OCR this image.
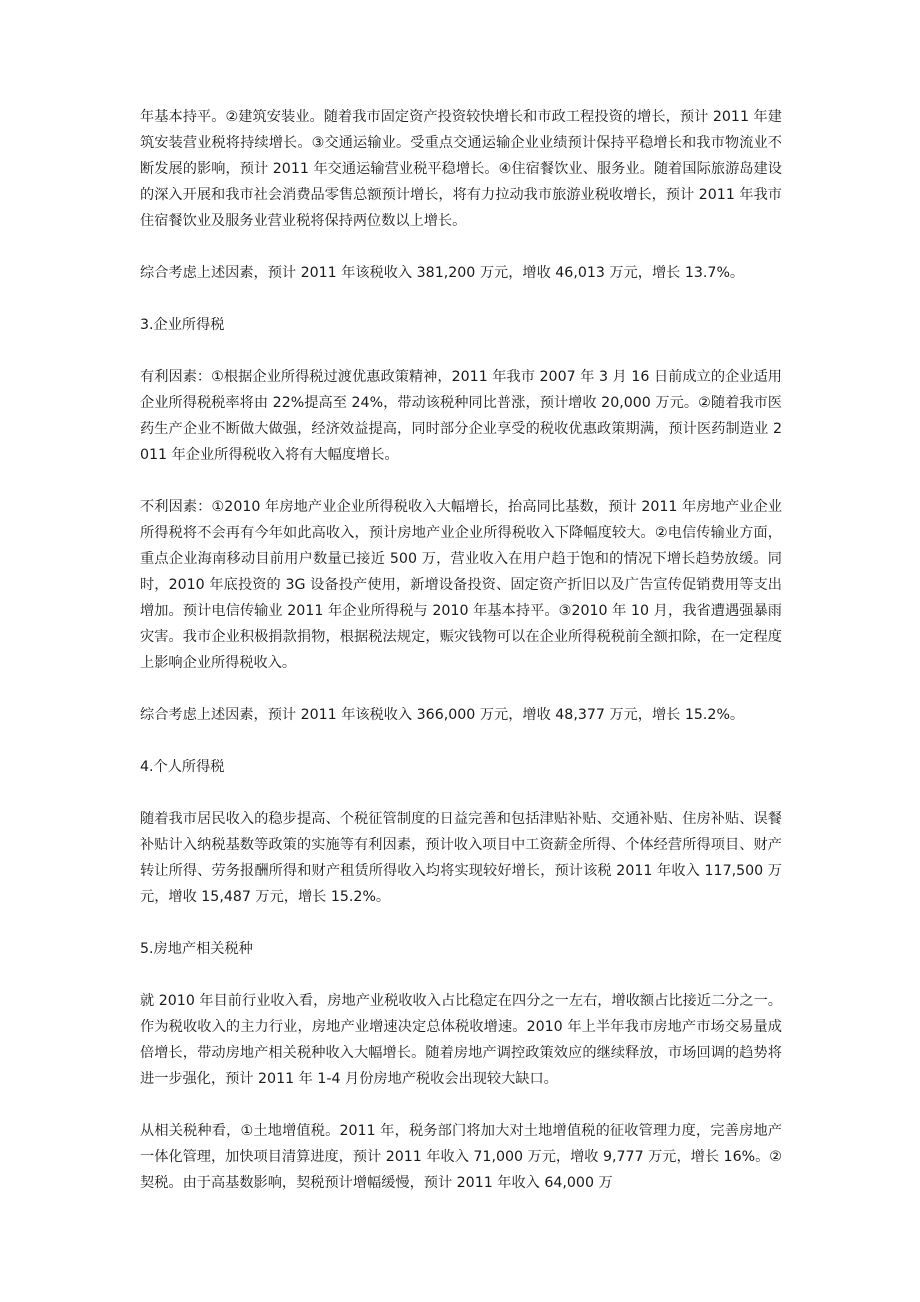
年基本持平。②建筑安装业。随着我市固定资产投资较快增长和市政工程投资的增长，预计 2011 年建筑安装营业税将持续增长。③交通运输业。受重点交通运输企业业绩预计保持平稳增长和我市物流业不断发展的影响，预计 2011 年交通运输营业税平稳增长。④住宿餐饮业、服务业。随着国际旅游岛建设的深入开展和我市社会消费品零售总额预计增长，将有力拉动我市旅游业税收增长，预计 2011 年我市住宿餐饮业及服务业营业税将保持两位数以上增长。

综合考虑上述因素，预计 2011 年该税收入 381,200 万元，增收 46,013 万元，增长 13.7%。

3.企业所得税

有利因素：①根据企业所得税过渡优惠政策精神，2011 年我市 2007 年 3 月 16 日前成立的企业适用企业所得税税率将由 22%提高至 24%，带动该税种同比普涨，预计增收 20,000 万元。②随着我市医药生产企业不断做大做强，经济效益提高，同时部分企业享受的税收优惠政策期满，预计医药制造业 2011 年企业所得税收入将有大幅度增长。

不利因素：①2010 年房地产业企业所得税收入大幅增长，抬高同比基数，预计 2011 年房地产业企业所得税将不会再有今年如此高收入，预计房地产业企业所得税收入下降幅度较大。②电信传输业方面，重点企业海南移动目前用户数量已接近 500 万，营业收入在用户趋于饱和的情况下增长趋势放缓。同时，2010 年底投资的 3G 设备投产使用，新增设备投资、固定资产折旧以及广告宣传促销费用等支出增加。预计电信传输业 2011 年企业所得税与 2010 年基本持平。③2010 年 10 月，我省遭遇强暴雨灾害。我市企业积极捐款捐物，根据税法规定，赈灾钱物可以在企业所得税税前全额扣除，在一定程度上影响企业所得税收入。

综合考虑上述因素，预计 2011 年该税收入 366,000 万元，增收 48,377 万元，增长 15.2%。

4.个人所得税

随着我市居民收入的稳步提高、个税征管制度的日益完善和包括津贴补贴、交通补贴、住房补贴、误餐补贴计入纳税基数等政策的实施等有利因素，预计收入项目中工资薪金所得、个体经营所得项目、财产转让所得、劳务报酬所得和财产租赁所得收入均将实现较好增长，预计该税 2011 年收入 117,500 万元，增收 15,487 万元，增长 15.2%。

5.房地产相关税种

就 2010 年目前行业收入看，房地产业税收收入占比稳定在四分之一左右，增收额占比接近二分之一。作为税收收入的主力行业，房地产业增速决定总体税收增速。2010 年上半年我市房地产市场交易量成倍增长，带动房地产相关税种收入大幅增长。随着房地产调控政策效应的继续释放，市场回调的趋势将进一步强化，预计 2011 年 1-4 月份房地产税收会出现较大缺口。

从相关税种看，①土地增值税。2011 年，税务部门将加大对土地增值税的征收管理力度，完善房地产一体化管理，加快项目清算进度，预计 2011 年收入 71,000 万元，增收 9,777 万元，增长 16%。②契税。由于高基数影响，契税预计增幅缓慢，预计 2011 年收入 64,000 万
